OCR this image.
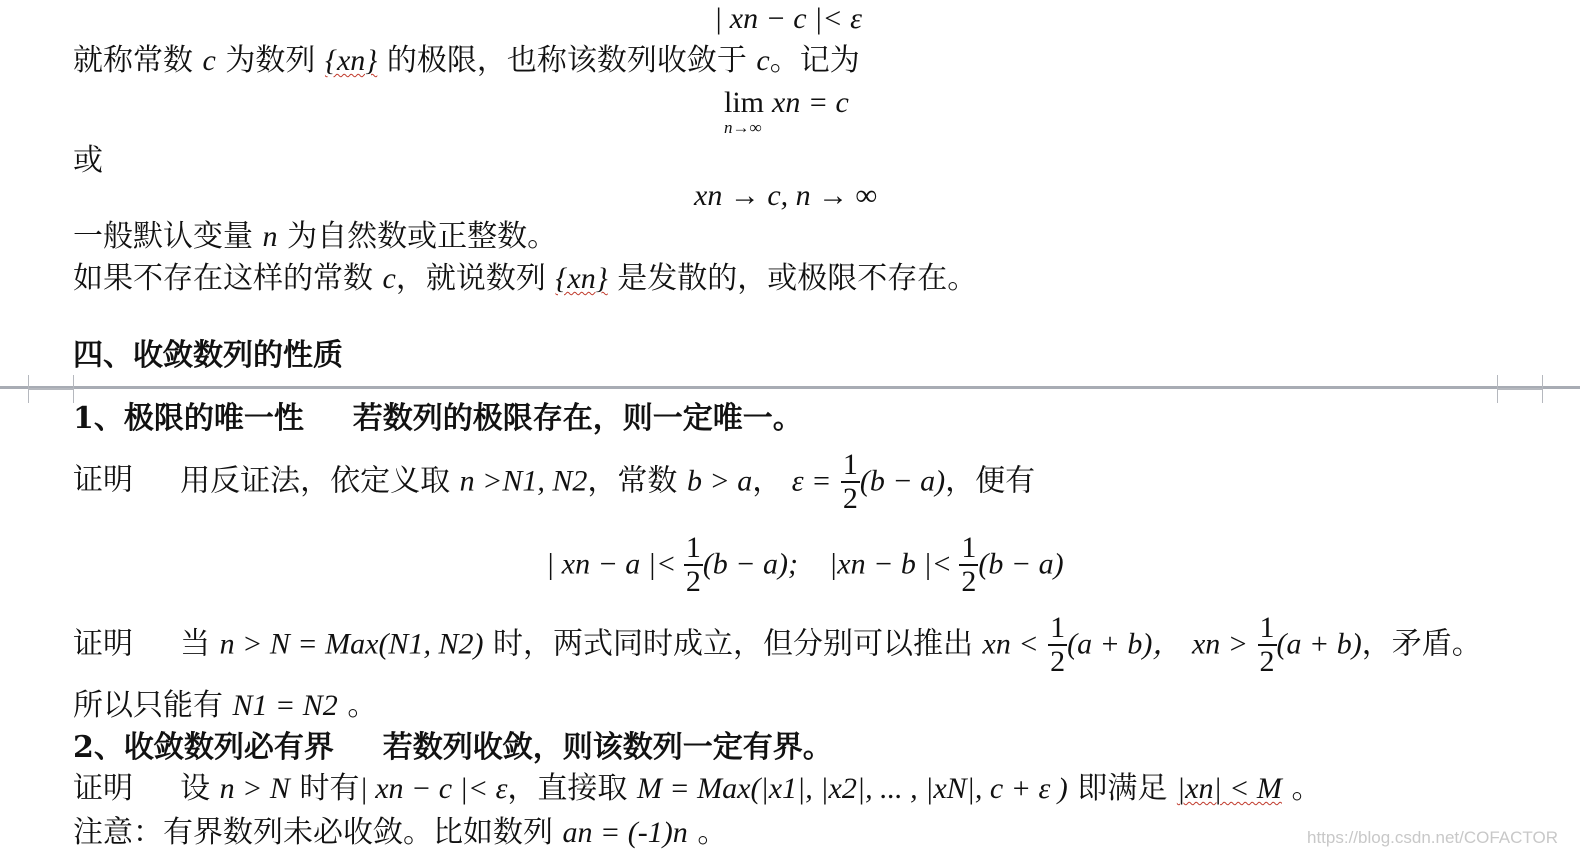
| xn − c |< ε
就称常数 c 为数列 {xn} 的极限，也称该数列收敛于 c。记为
lim xn = c
n→∞
或
xn → c, n → ∞
一般默认变量 n 为自然数或正整数。
如果不存在这样的常数 c，就说数列 {xn} 是发散的，或极限不存在。
四、收敛数列的性质
1、极限的唯一性 若数列的极限存在，则一定唯一。
证明 用反证法，依定义取 n >N1, N2，常数 b > a， $\varepsilon = \frac{1}{2} (b - a)$，便有
| xn − a |< $\frac{1}{2} (b - a)$; |xn − b |< $\frac{1}{2} (b - a)$
证明 当 n > N = Max(N1, N2) 时，两式同时成立，但分别可以推出 xn < $\frac{1}{2} (a + b)$， xn > $\frac{1}{2} (a + b)$，矛盾。
所以只能有 N1 = N2 。
2、收敛数列必有界 若数列收敛，则该数列一定有界。
证明 设 n > N 时有| xn − c |< ε，直接取 M = Max(|x1|, |x2|, ... , |xN|, c + ε ) 即满足 |xn| < M 。
注意：有界数列未必收敛。比如数列 an = (-1)n 。	https://blog.csdn.net/COFACTOR
